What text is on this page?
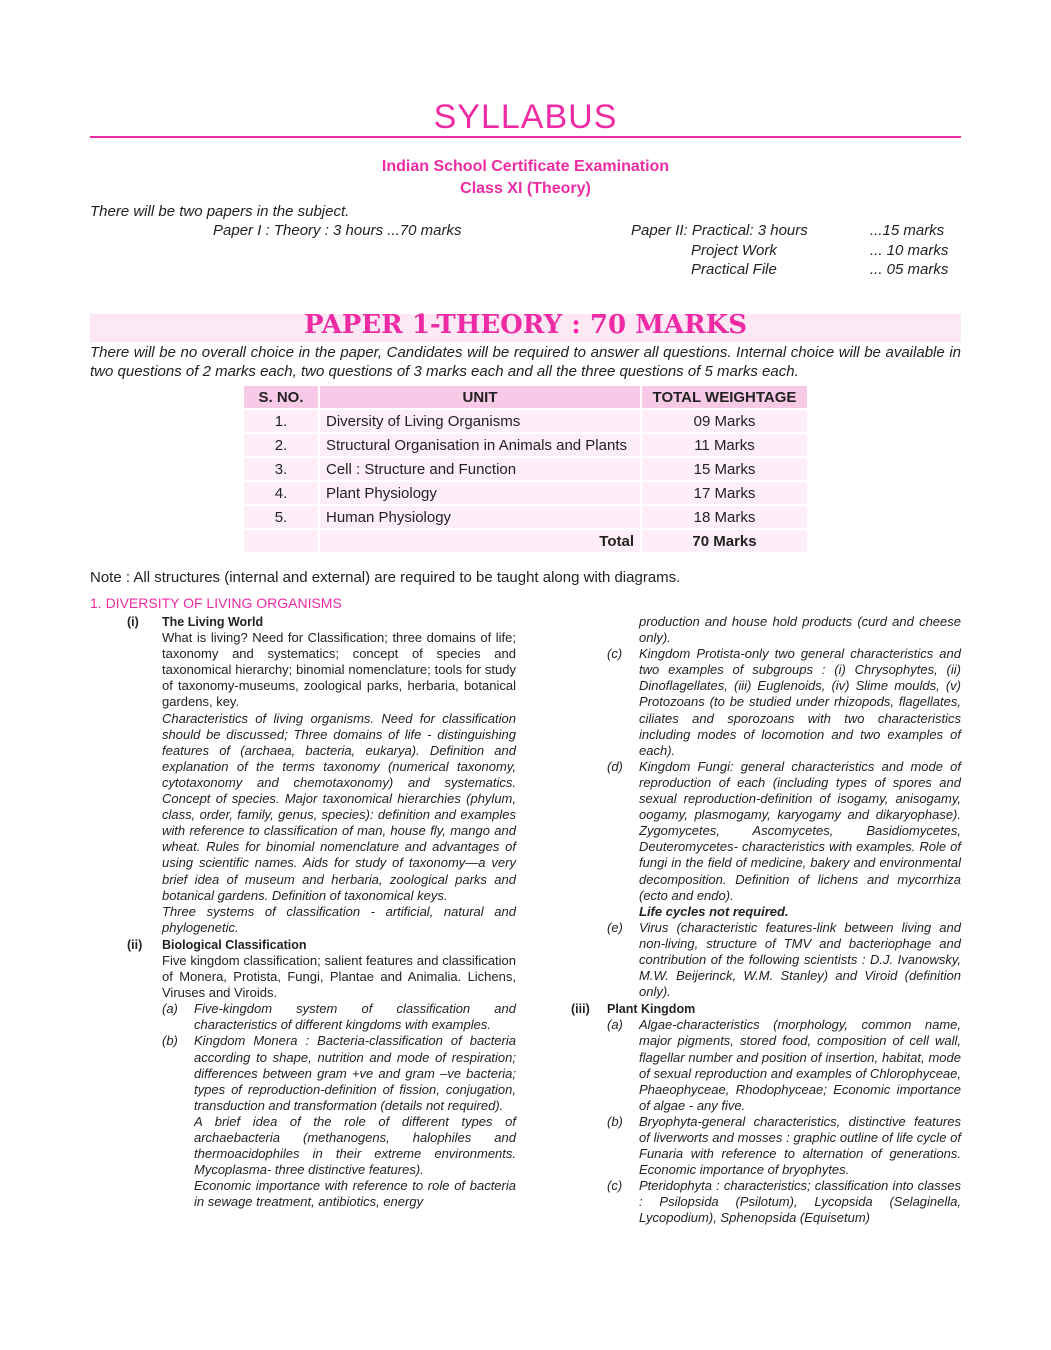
SYLLABUS
Indian School Certificate Examination
Class XI (Theory)
There will be two papers in the subject.
Paper I : Theory : 3 hours ...70 marks	Paper II: Practical: 3 hours	...15 marks
Project Work	... 10 marks
Practical File	... 05 marks
PAPER 1-THEORY : 70 MARKS
There will be no overall choice in the paper, Candidates will be required to answer all questions. Internal choice will be available in two questions of 2 marks each, two questions of 3 marks each and all the three questions of 5 marks each.
S. NO.	UNIT	TOTAL WEIGHTAGE
1.	Diversity of Living Organisms	09 Marks
2.	Structural Organisation in Animals and Plants	11 Marks
3.	Cell : Structure and Function	15 Marks
4.	Plant Physiology	17 Marks
5.	Human Physiology	18 Marks
	Total	70 Marks
Note : All structures (internal and external) are required to be taught along with diagrams.
1. DIVERSITY OF LIVING ORGANISMS
(i) The Living World
What is living? Need for Classification; three domains of life; taxonomy and systematics; concept of species and taxonomical hierarchy; binomial nomenclature; tools for study of taxonomy-museums, zoological parks, herbaria, botanical gardens, key.
Characteristics of living organisms. Need for classification should be discussed; Three domains of life - distinguishing features of (archaea, bacteria, eukarya). Definition and explanation of the terms taxonomy (numerical taxonomy, cytotaxonomy and chemotaxonomy) and systematics. Concept of species. Major taxonomical hierarchies (phylum, class, order, family, genus, species): definition and examples with reference to classification of man, house fly, mango and wheat. Rules for binomial nomenclature and advantages of using scientific names. Aids for study of taxonomy—a very brief idea of museum and herbaria, zoological parks and botanical gardens. Definition of taxonomical keys.
Three systems of classification - artificial, natural and phylogenetic.
(ii) Biological Classification
Five kingdom classification; salient features and classification of Monera, Protista, Fungi, Plantae and Animalia. Lichens, Viruses and Viroids.
(a) Five-kingdom system of classification and characteristics of different kingdoms with examples.
(b) Kingdom Monera : Bacteria-classification of bacteria according to shape, nutrition and mode of respiration; differences between gram +ve and gram –ve bacteria; types of reproduction-definition of fission, conjugation, transduction and transformation (details not required).
A brief idea of the role of different types of archaebacteria (methanogens, halophiles and thermoacidophiles in their extreme environments. Mycoplasma- three distinctive features).
Economic importance with reference to role of bacteria in sewage treatment, antibiotics, energy
production and house hold products (curd and cheese only).
(c) Kingdom Protista-only two general characteristics and two examples of subgroups : (i) Chrysophytes, (ii) Dinoflagellates, (iii) Euglenoids, (iv) Slime moulds, (v) Protozoans (to be studied under rhizopods, flagellates, ciliates and sporozoans with two characteristics including modes of locomotion and two examples of each).
(d) Kingdom Fungi: general characteristics and mode of reproduction of each (including types of spores and sexual reproduction-definition of isogamy, anisogamy, oogamy, plasmogamy, karyogamy and dikaryophase). Zygomycetes, Ascomycetes, Basidiomycetes, Deuteromycetes- characteristics with examples. Role of fungi in the field of medicine, bakery and environmental decomposition. Definition of lichens and mycorrhiza (ecto and endo).
Life cycles not required.
(e) Virus (characteristic features-link between living and non-living, structure of TMV and bacteriophage and contribution of the following scientists : D.J. Ivanowsky, M.W. Beijerinck, W.M. Stanley) and Viroid (definition only).
(iii) Plant Kingdom
(a) Algae-characteristics (morphology, common name, major pigments, stored food, composition of cell wall, flagellar number and position of insertion, habitat, mode of sexual reproduction and examples of Chlorophyceae, Phaeophyceae, Rhodophyceae; Economic importance of algae - any five.
(b) Bryophyta-general characteristics, distinctive features of liverworts and mosses : graphic outline of life cycle of Funaria with reference to alternation of generations. Economic importance of bryophytes.
(c) Pteridophyta : characteristics; classification into classes : Psilopsida (Psilotum), Lycopsida (Selaginella, Lycopodium), Sphenopsida (Equisetum)
